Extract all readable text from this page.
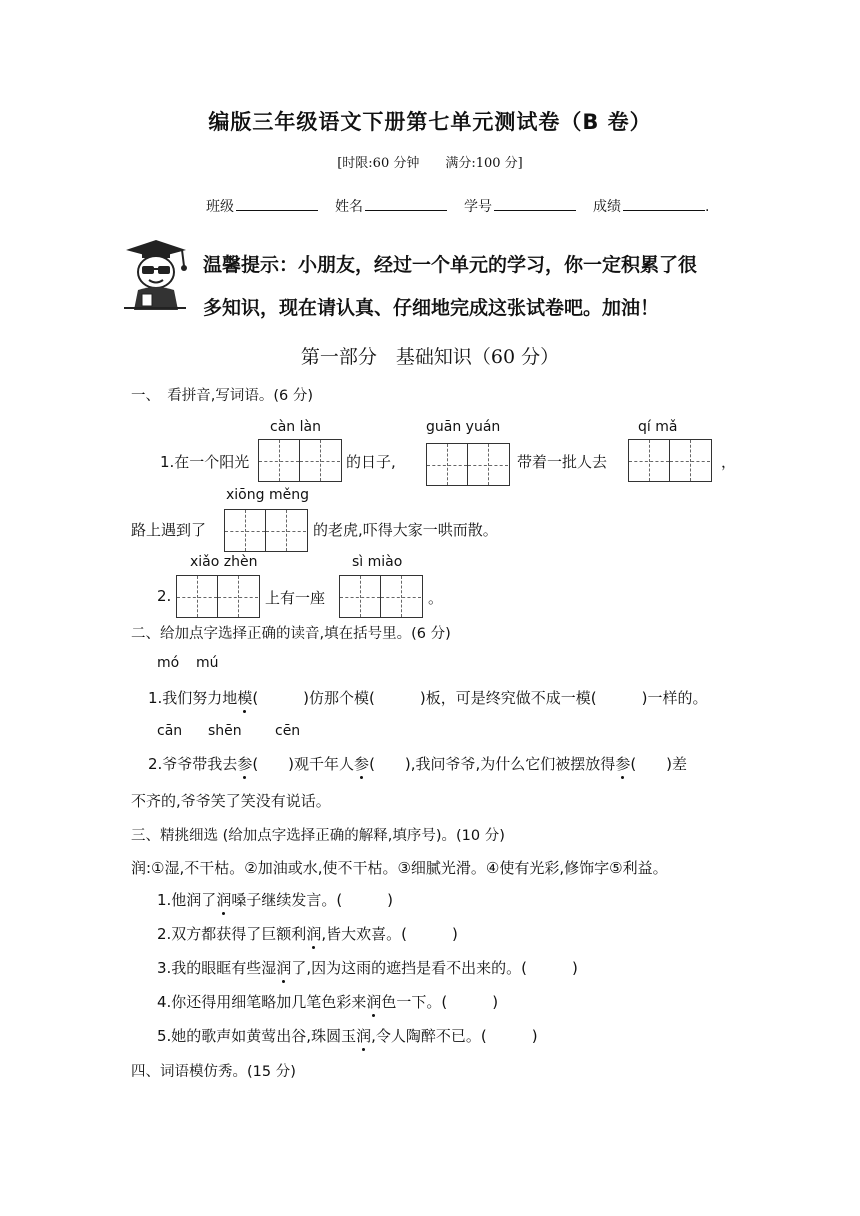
编版三年级语文下册第七单元测试卷（B 卷）
[时限:60 分钟　　满分:100 分]
班级	姓名	学号	成绩	.
温馨提示：小朋友，经过一个单元的学习，你一定积累了很
多知识，现在请认真、仔细地完成这张试卷吧。加油！
第一部分　基础知识（60 分）
一、　看拼音,写词语。(6 分)
càn làn	guān yuán	qí mǎ
1.在一个阳光	的日子,	带着一批人去	，
xiōng měng
路上遇到了	的老虎,吓得大家一哄而散。
xiǎo zhèn	sì miào
2.	上有一座	。
二、给加点字选择正确的读音,填在括号里。(6 分)
mó mú
1.我们努力地模(　　　)仿那个模(　　　)板，可是终究做不成一模(　　　)一样的。
cān shēn cēn
2.爷爷带我去参(　　)观千年人参(　　),我问爷爷,为什么它们被摆放得参(　　)差
不齐的,爷爷笑了笑没有说话。
三、精挑细选 (给加点字选择正确的解释,填序号)。(10 分)
润:①湿,不干枯。②加油或水,使不干枯。③细腻光滑。④使有光彩,修饰字⑤利益。
1.他润了润嗓子继续发言。(　　　)
2.双方都获得了巨额利润,皆大欢喜。(　　　)
3.我的眼眶有些湿润了,因为这雨的遮挡是看不出来的。(　　　)
4.你还得用细笔略加几笔色彩来润色一下。(　　　)
5.她的歌声如黄莺出谷,珠圆玉润,令人陶醉不已。(　　　)
四、词语模仿秀。(15 分)
